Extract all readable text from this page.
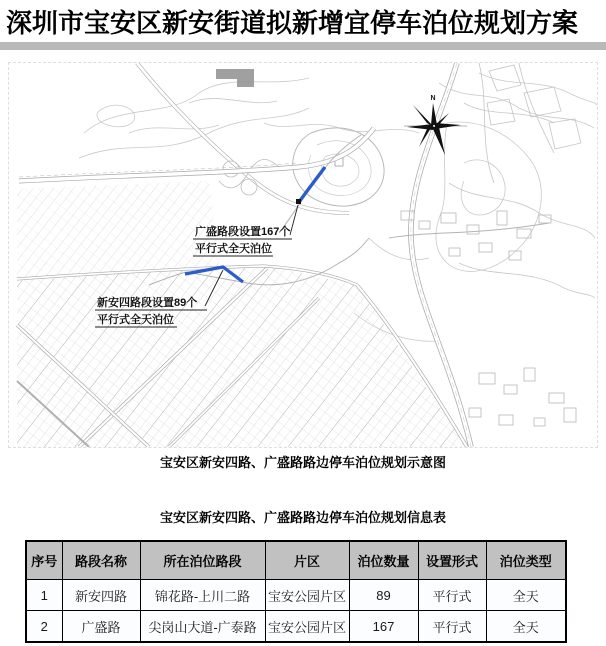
深圳市宝安区新安街道拟新增宜停车泊位规划方案
N
广盛路段设置167个
平行式全天泊位
新安四路段设置89个
平行式全天泊位
宝安区新安四路、广盛路路边停车泊位规划示意图
宝安区新安四路、广盛路路边停车泊位规划信息表
序号	路段名称	所在泊位路段	片区	泊位数量	设置形式	泊位类型
1	新安四路	锦花路-上川二路	宝安公园片区	89	平行式	全天
2	广盛路	尖岗山大道-广泰路	宝安公园片区	167	平行式	全天
